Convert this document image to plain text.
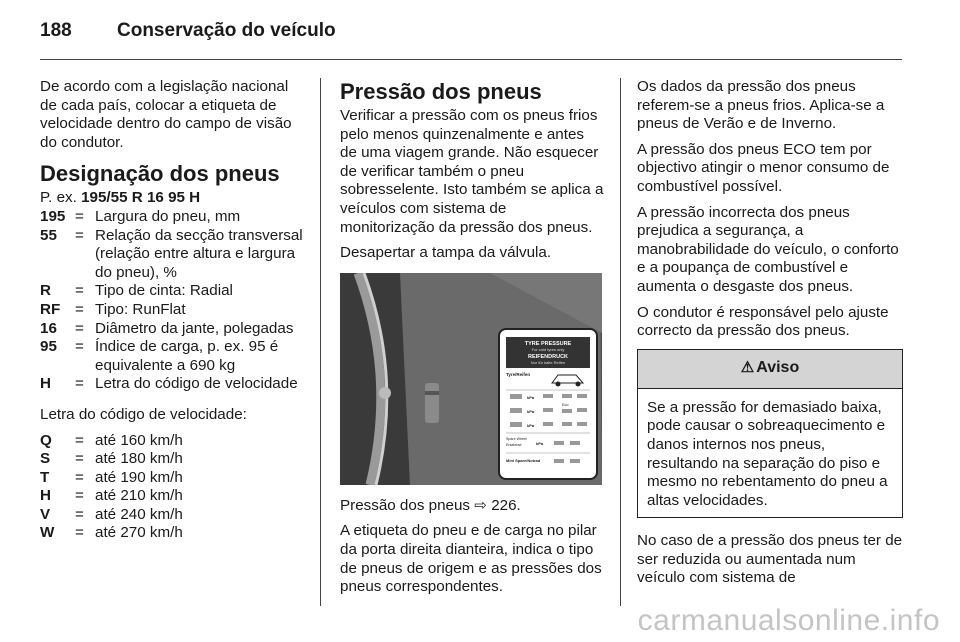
188 Conservação do veículo

De acordo com a legislação nacional de cada país, colocar a etiqueta de velocidade dentro do campo de visão do condutor.

Designação dos pneus

P. ex. 195/55 R 16 95 H

195 = Largura do pneu, mm
55	= Relação da secção transversal (relação entre altura e largura do pneu), %
R	= Tipo de cinta: Radial
RF = Tipo: RunFlat
16	= Diâmetro da jante, polegadas
95	= Índice de carga, p. ex. 95 é equivalente a 690 kg
H	= Letra do código de velocidade

Letra do código de velocidade:

Q	= até 160 km/h
S	= até 180 km/h
T	= até 190 km/h
H	= até 210 km/h
V	= até 240 km/h
W	= até 270 km/h
Pressão dos pneus

Verificar a pressão com os pneus frios pelo menos quinzenalmente e antes de uma viagem grande. Não esquecer de verificar também o pneu sobresselente. Isto também se aplica a veículos com sistema de monitorização da pressão dos pneus.

Desapertar a tampa da válvula.

TYRE PRESSURE
For cold tyres only
REIFENDRUCK
Nur für kalte Reifen
Tyre/Reifen
kPa
kPa
Eco
kPa
Spare Wheel
Ersatzrad	kPa
Mini Spare/Notrad

Pressão dos pneus ⇨ 226.

A etiqueta do pneu e de carga no pilar da porta direita dianteira, indica o tipo de pneus de origem e as pressões dos pneus correspondentes.

Os dados da pressão dos pneus referem-se a pneus frios. Aplica-se a pneus de Verão e de Inverno.

A pressão dos pneus ECO tem por objectivo atingir o menor consumo de combustível possível.

A pressão incorrecta dos pneus prejudica a segurança, a manobrabilidade do veículo, o conforto e a poupança de combustível e aumenta o desgaste dos pneus.

O condutor é responsável pelo ajuste correcto da pressão dos pneus.

⚠ Aviso
Se a pressão for demasiado baixa, pode causar o sobreaquecimento e danos internos nos pneus, resultando na separação do piso e mesmo no rebentamento do pneu a altas velocidades.

No caso de a pressão dos pneus ter de ser reduzida ou aumentada num veículo com sistema de

carmanualsonline.info
